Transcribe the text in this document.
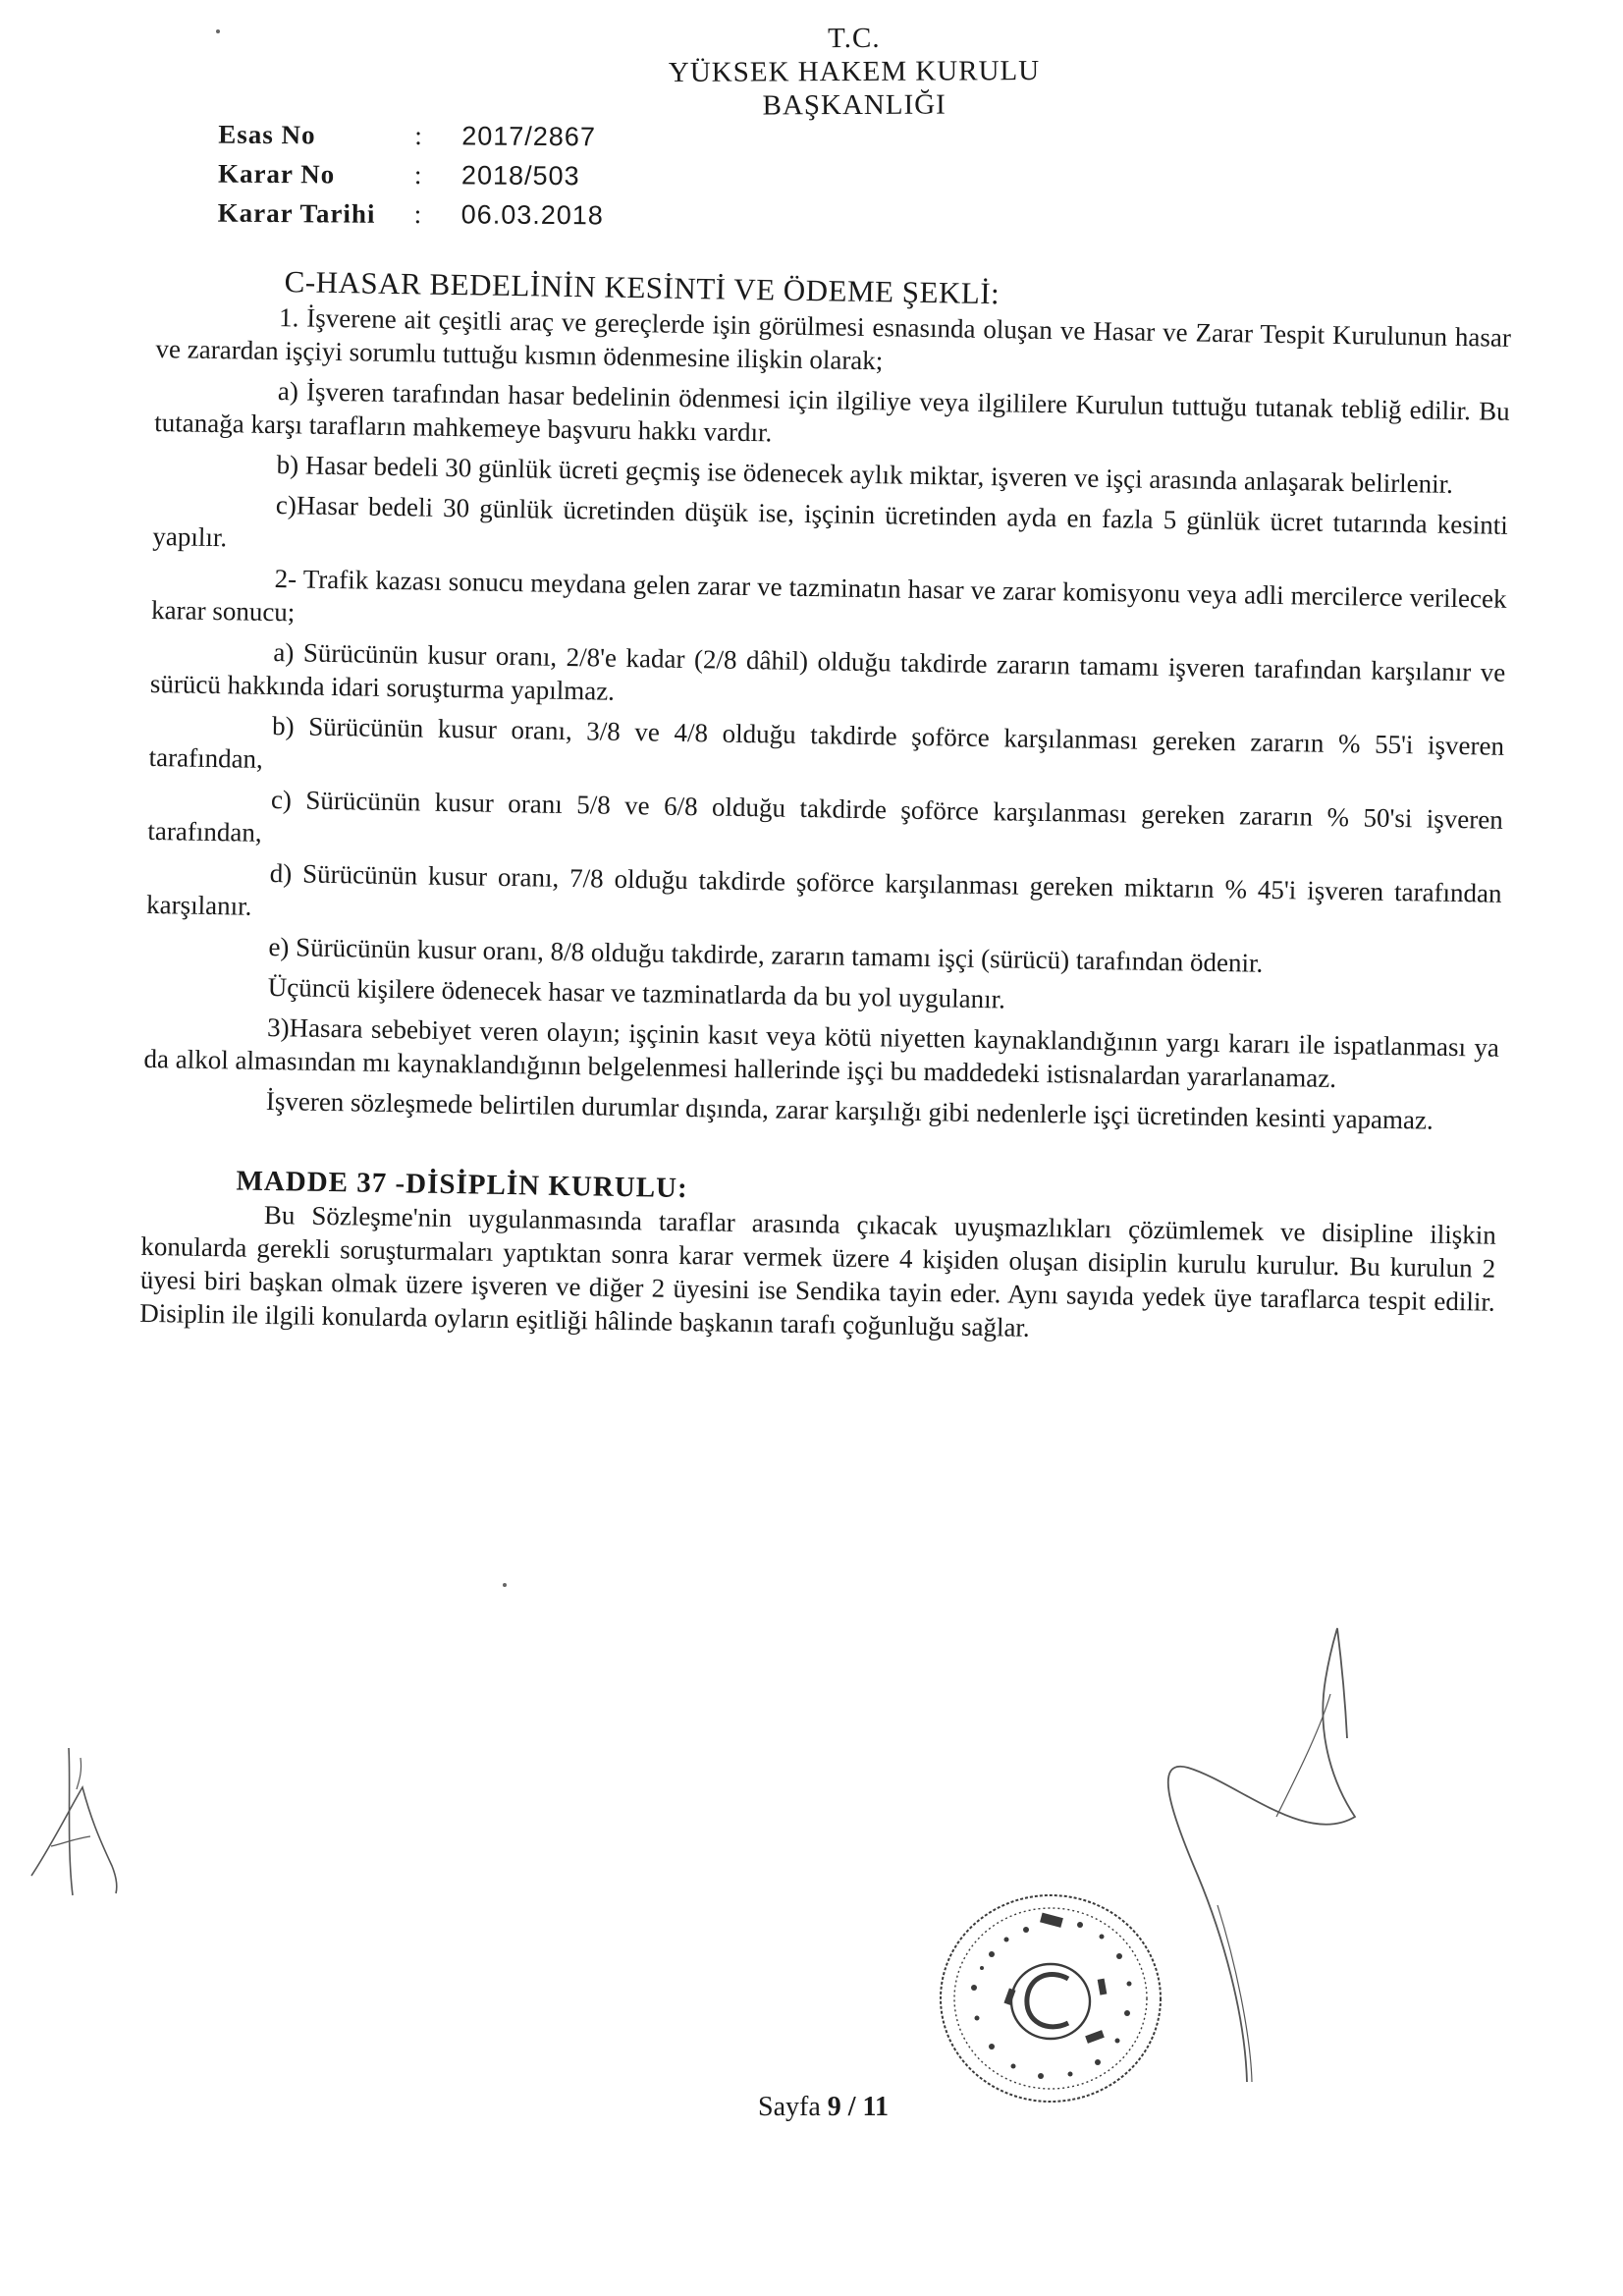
T.C.
YÜKSEK HAKEM KURULU
BAŞKANLIĞI
Esas No	:	2017/2867
Karar No	:	2018/503
Karar Tarihi	:	06.03.2018
C-HASAR BEDELİNİN KESİNTİ VE ÖDEME ŞEKLİ:

1. İşverene ait çeşitli araç ve gereçlerde işin görülmesi esnasında oluşan ve Hasar ve Zarar Tespit Kurulunun hasar ve zarardan işçiyi sorumlu tuttuğu kısmın ödenmesine ilişkin olarak;

a) İşveren tarafından hasar bedelinin ödenmesi için ilgiliye veya ilgililere Kurulun tuttuğu tutanak tebliğ edilir. Bu tutanağa karşı tarafların mahkemeye başvuru hakkı vardır.

b) Hasar bedeli 30 günlük ücreti geçmiş ise ödenecek aylık miktar, işveren ve işçi arasında anlaşarak belirlenir.

c)Hasar bedeli 30 günlük ücretinden düşük ise, işçinin ücretinden ayda en fazla 5 günlük ücret tutarında kesinti yapılır.

2- Trafik kazası sonucu meydana gelen zarar ve tazminatın hasar ve zarar komisyonu veya adli mercilerce verilecek karar sonucu;

a) Sürücünün kusur oranı, 2/8'e kadar (2/8 dâhil) olduğu takdirde zararın tamamı işveren tarafından karşılanır ve sürücü hakkında idari soruşturma yapılmaz.

b) Sürücünün kusur oranı, 3/8 ve 4/8 olduğu takdirde şoförce karşılanması gereken zararın % 55'i işveren tarafından,

c) Sürücünün kusur oranı 5/8 ve 6/8 olduğu takdirde şoförce karşılanması gereken zararın % 50'si işveren tarafından,

d) Sürücünün kusur oranı, 7/8 olduğu takdirde şoförce karşılanması gereken miktarın % 45'i işveren tarafından karşılanır.

e) Sürücünün kusur oranı, 8/8 olduğu takdirde, zararın tamamı işçi (sürücü) tarafından ödenir.

Üçüncü kişilere ödenecek hasar ve tazminatlarda da bu yol uygulanır.

3)Hasara sebebiyet veren olayın; işçinin kasıt veya kötü niyetten kaynaklandığının yargı kararı ile ispatlanması ya da alkol almasından mı kaynaklandığının belgelenmesi hallerinde işçi bu maddedeki istisnalardan yararlanamaz.

İşveren sözleşmede belirtilen durumlar dışında, zarar karşılığı gibi nedenlerle işçi ücretinden kesinti yapamaz.

MADDE 37 -DİSİPLİN KURULU:

Bu Sözleşme'nin uygulanmasında taraflar arasında çıkacak uyuşmazlıkları çözümlemek ve disipline ilişkin konularda gerekli soruşturmaları yaptıktan sonra karar vermek üzere 4 kişiden oluşan disiplin kurulu kurulur. Bu kurulun 2 üyesi biri başkan olmak üzere işveren ve diğer 2 üyesini ise Sendika tayin eder. Aynı sayıda yedek üye taraflarca tespit edilir. Disiplin ile ilgili konularda oyların eşitliği hâlinde başkanın tarafı çoğunluğu sağlar.

Sayfa 9 / 11
